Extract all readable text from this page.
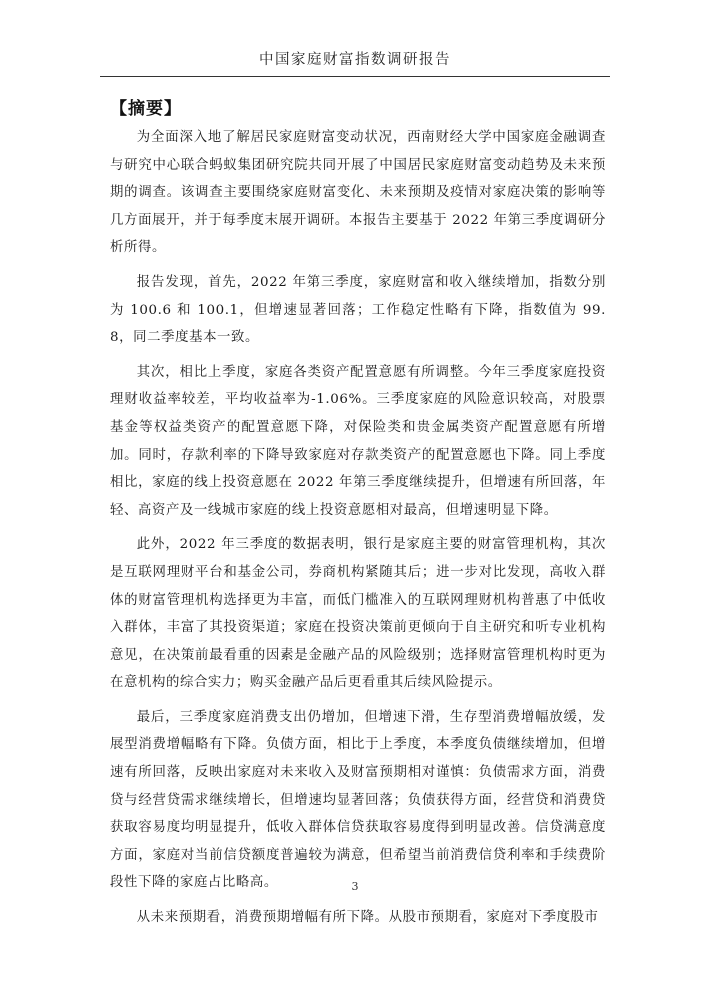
中国家庭财富指数调研报告
【摘要】

为全面深入地了解居民家庭财富变动状况，西南财经大学中国家庭金融调查与研究中心联合蚂蚁集团研究院共同开展了中国居民家庭财富变动趋势及未来预期的调查。该调查主要围绕家庭财富变化、未来预期及疫情对家庭决策的影响等几方面展开，并于每季度末展开调研。本报告主要基于 2022 年第三季度调研分析所得。

报告发现，首先，2022 年第三季度，家庭财富和收入继续增加，指数分别为 100.6 和 100.1，但增速显著回落；工作稳定性略有下降，指数值为 99.8，同二季度基本一致。

其次，相比上季度，家庭各类资产配置意愿有所调整。今年三季度家庭投资理财收益率较差，平均收益率为-1.06%。三季度家庭的风险意识较高，对股票基金等权益类资产的配置意愿下降，对保险类和贵金属类资产配置意愿有所增加。同时，存款利率的下降导致家庭对存款类资产的配置意愿也下降。同上季度相比，家庭的线上投资意愿在 2022 年第三季度继续提升，但增速有所回落，年轻、高资产及一线城市家庭的线上投资意愿相对最高，但增速明显下降。

此外，2022 年三季度的数据表明，银行是家庭主要的财富管理机构，其次是互联网理财平台和基金公司，券商机构紧随其后；进一步对比发现，高收入群体的财富管理机构选择更为丰富，而低门槛准入的互联网理财机构普惠了中低收入群体，丰富了其投资渠道；家庭在投资决策前更倾向于自主研究和听专业机构意见，在决策前最看重的因素是金融产品的风险级别；选择财富管理机构时更为在意机构的综合实力；购买金融产品后更看重其后续风险提示。

最后，三季度家庭消费支出仍增加，但增速下滑，生存型消费增幅放缓，发展型消费增幅略有下降。负债方面，相比于上季度，本季度负债继续增加，但增速有所回落，反映出家庭对未来收入及财富预期相对谨慎：负债需求方面，消费贷与经营贷需求继续增长，但增速均显著回落；负债获得方面，经营贷和消费贷获取容易度均明显提升，低收入群体信贷获取容易度得到明显改善。信贷满意度方面，家庭对当前信贷额度普遍较为满意，但希望当前消费信贷利率和手续费阶段性下降的家庭占比略高。

从未来预期看，消费预期增幅有所下降。从股市预期看，家庭对下季度股市

3
